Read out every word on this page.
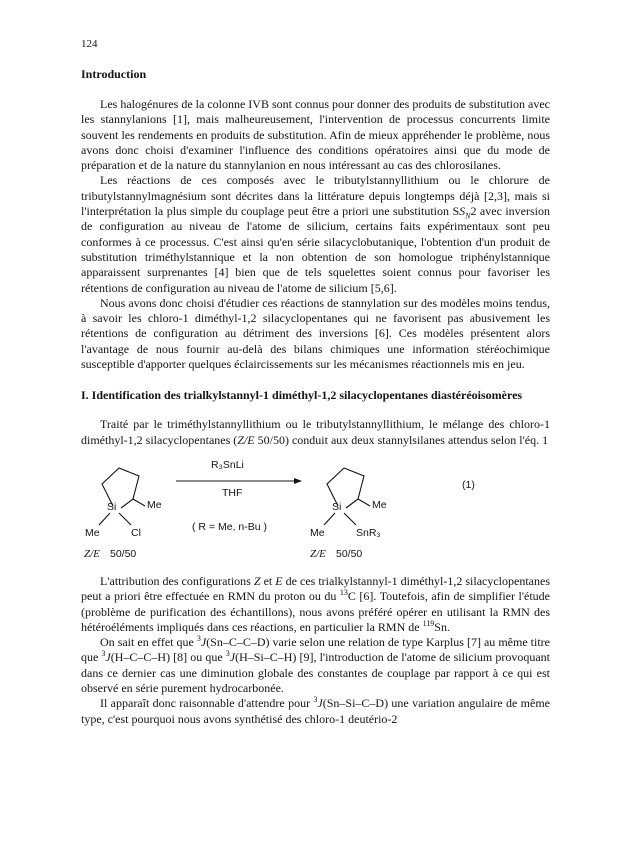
124
Introduction

Les halogénures de la colonne IVB sont connus pour donner des produits de substitution avec les stannylanions [1], mais malheureusement, l'intervention de processus concurrents limite souvent les rendements en produits de substitution. Afin de mieux appréhender le problème, nous avons donc choisi d'examiner l'influence des conditions opératoires ainsi que du mode de préparation et de la nature du stannylanion en nous intéressant au cas des chlorosilanes.

Les réactions de ces composés avec le tributylstannyllithium ou le chlorure de tributylstannylmagnésium sont décrites dans la littérature depuis longtemps déjà [2,3], mais si l'interprétation la plus simple du couplage peut être a priori une substitution $SS_N2$ avec inversion de configuration au niveau de l'atome de silicium, certains faits expérimentaux sont peu conformes à ce processus. C'est ainsi qu'en série silacyclobutanique, l'obtention d'un produit de substitution triméthylstannique et la non obtention de son homologue triphénylstannique apparaissent surprenantes [4] bien que de tels squelettes soient connus pour favoriser les rétentions de configuration au niveau de l'atome de silicium [5,6].

Nous avons donc choisi d'étudier ces réactions de stannylation sur des modèles moins tendus, à savoir les chloro-1 diméthyl-1,2 silacyclopentanes qui ne favorisent pas abusivement les rétentions de configuration au détriment des inversions [6]. Ces modèles présentent alors l'avantage de nous fournir au-delà des bilans chimiques une information stéréochimique susceptible d'apporter quelques éclaircissements sur les mécanismes réactionnels mis en jeu.

I. Identification des trialkylstannyl-1 diméthyl-1,2 silacyclopentanes diastéréoisomères

Traité par le triméthylstannyllithium ou le tributylstannyllithium, le mélange des chloro-1 diméthyl-1,2 silacyclopentanes (Z/E 50/50) conduit aux deux stannylsilanes attendus selon l'éq. 1

Si	Me
Me	Cl
Z/E 50/50
R₃SnLi
THF
( R = Me, n-Bu )
Si	Me
Me	SnR₃
Z/E 50/50
(1)

L'attribution des configurations Z et E de ces trialkylstannyl-1 diméthyl-1,2 silacyclopentanes peut a priori être effectuée en RMN du proton ou du $^{13}$C [6]. Toutefois, afin de simplifier l'étude (problème de purification des échantillons), nous avons préféré opérer en utilisant la RMN des hétéroéléments impliqués dans ces réactions, en particulier la RMN de $^{119}$Sn.

On sait en effet que $^3$J(Sn–C–C–D) varie selon une relation de type Karplus [7] au même titre que $^3$J(H–C–C–H) [8] ou que $^3$J(H–Si–C–H) [9], l'introduction de l'atome de silicium provoquant dans ce dernier cas une diminution globale des constantes de couplage par rapport à ce qui est observé en série purement hydrocarbonée.

Il apparaît donc raisonnable d'attendre pour $^3$J(Sn–Si–C–D) une variation angulaire de même type, c'est pourquoi nous avons synthétisé des chloro-1 deutério-2
